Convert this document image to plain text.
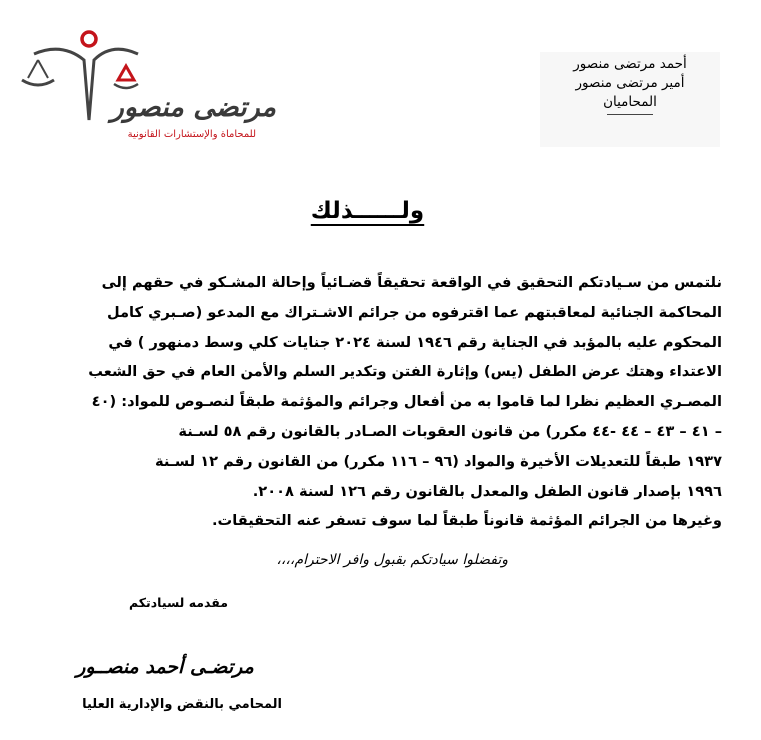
مرتضى منصور
للمحاماة والإستشارات القانونية
أحمد مرتضى منصور
أمير مرتضى منصور
المحاميان
ولــــــذلك

نلتمس من سـيادتكم التحقيق في الواقعة تحقيقاً قضـائياً وإحالة المشـكو في حقهم إلى

المحاكمة الجنائية لمعاقبتهم عما اقترفوه من جرائم الاشـتراك مع المدعو (صـبري كامل

المحكوم عليه بالمؤبد في الجناية رقم ١٩٤٦ لسنة ٢٠٢٤ جنايات كلي وسط دمنهور ) في

الاعتداء وهتك عرض الطفل (يس) وإثارة الفتن وتكدير السلم والأمن العام في حق الشعب

المصـري العظيم نظرا لما قاموا به من أفعال وجرائم والمؤثمة طبقاً لنصـوص للمواد: (٤٠

– ٤١ – ٤٣ – ٤٤ -٤٤ مكرر) من قانون العقوبات الصـادر بالقانون رقم ٥٨ لسـنة

١٩٣٧ طبقاً للتعديلات الأخيرة والمواد (٩٦ – ١١٦ مكرر) من القانون رقم ١٢ لسـنة

١٩٩٦ بإصدار قانون الطفل والمعدل بالقانون رقم ١٢٦ لسنة ٢٠٠٨.

وغيرها من الجرائم المؤثمة قانوناً طبقاً لما سوف تسفر عنه التحقيقات.

وتفضلوا سيادتكم بقبول وافر الاحترام،،،،
مقدمه لسيادتكم
مرتضـى أحمد منصــور
المحامي بالنقض والإدارية العليا
